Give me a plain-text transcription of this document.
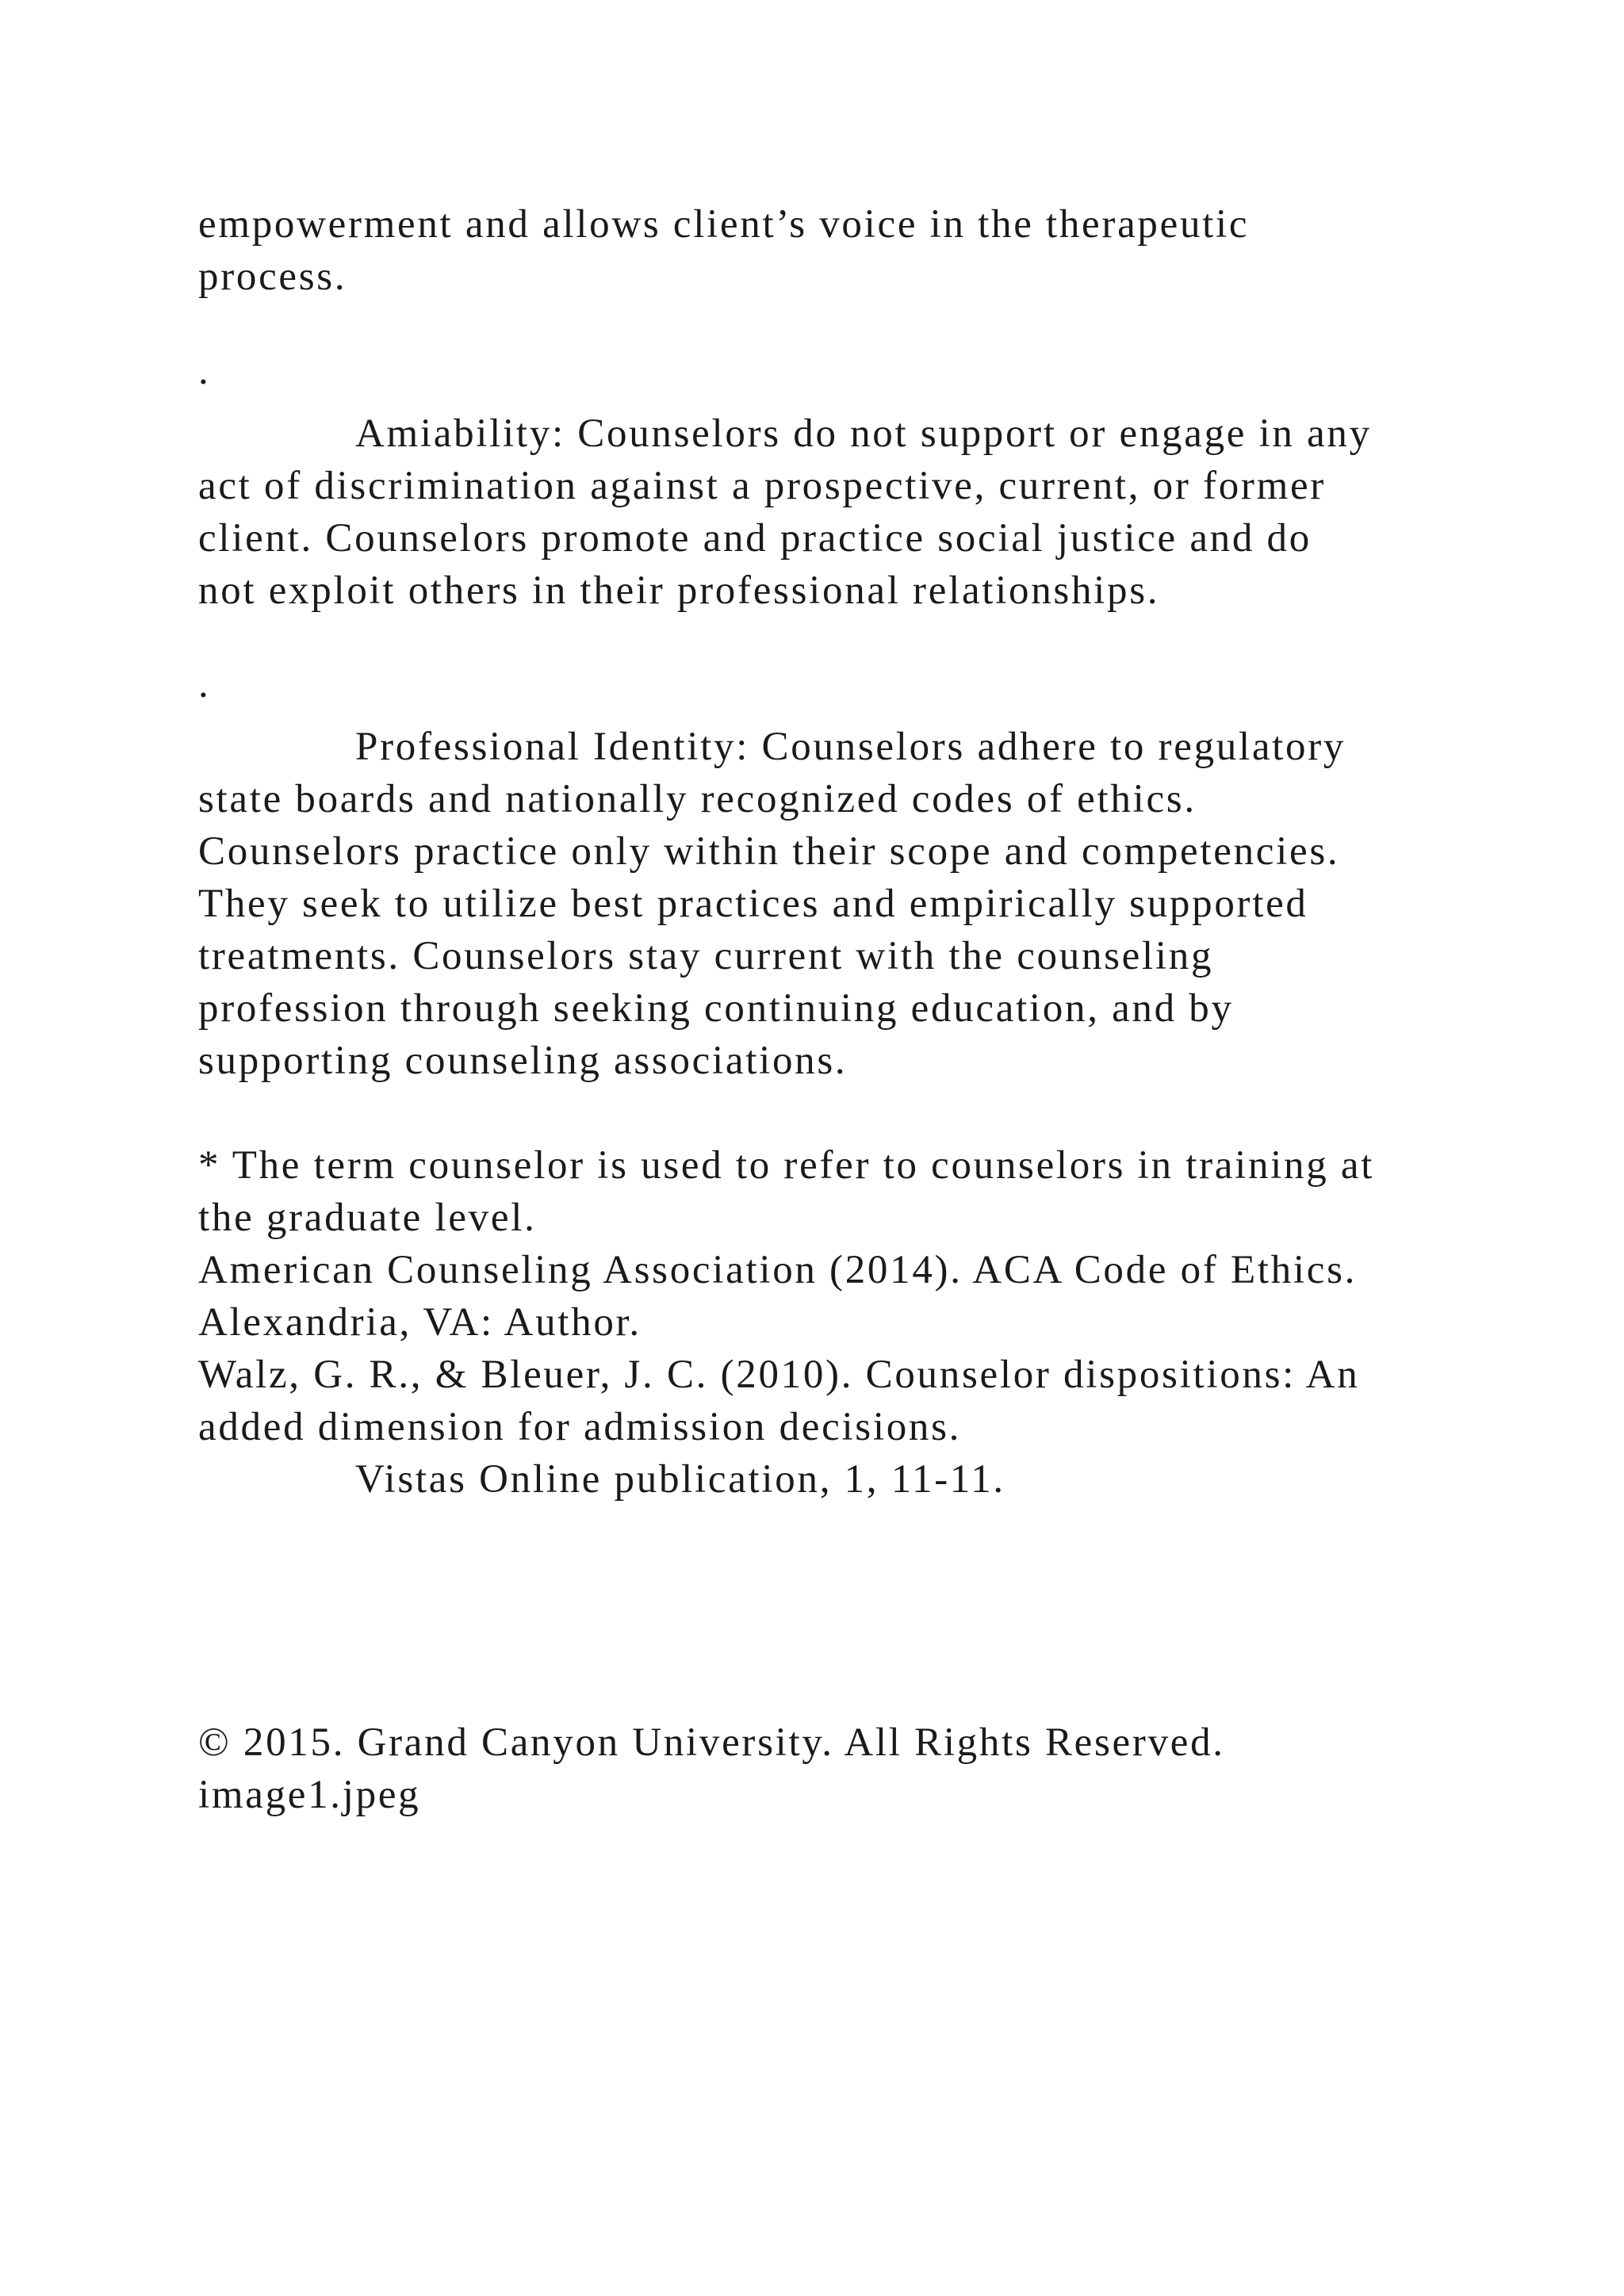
empowerment and allows client’s voice in the therapeutic

process.

.

Amiability: Counselors do not support or engage in any

act of discrimination against a prospective, current, or former

client. Counselors promote and practice social justice and do

not exploit others in their professional relationships.

.

Professional Identity: Counselors adhere to regulatory

state boards and nationally recognized codes of ethics.

Counselors practice only within their scope and competencies.

They seek to utilize best practices and empirically supported

treatments. Counselors stay current with the counseling

profession through seeking continuing education, and by

supporting counseling associations.

* The term counselor is used to refer to counselors in training at

the graduate level.

American Counseling Association (2014). ACA Code of Ethics.

Alexandria, VA: Author.

Walz, G. R., & Bleuer, J. C. (2010). Counselor dispositions: An

added dimension for admission decisions.

Vistas Online publication, 1, 11-11.

© 2015. Grand Canyon University. All Rights Reserved.

image1.jpeg
